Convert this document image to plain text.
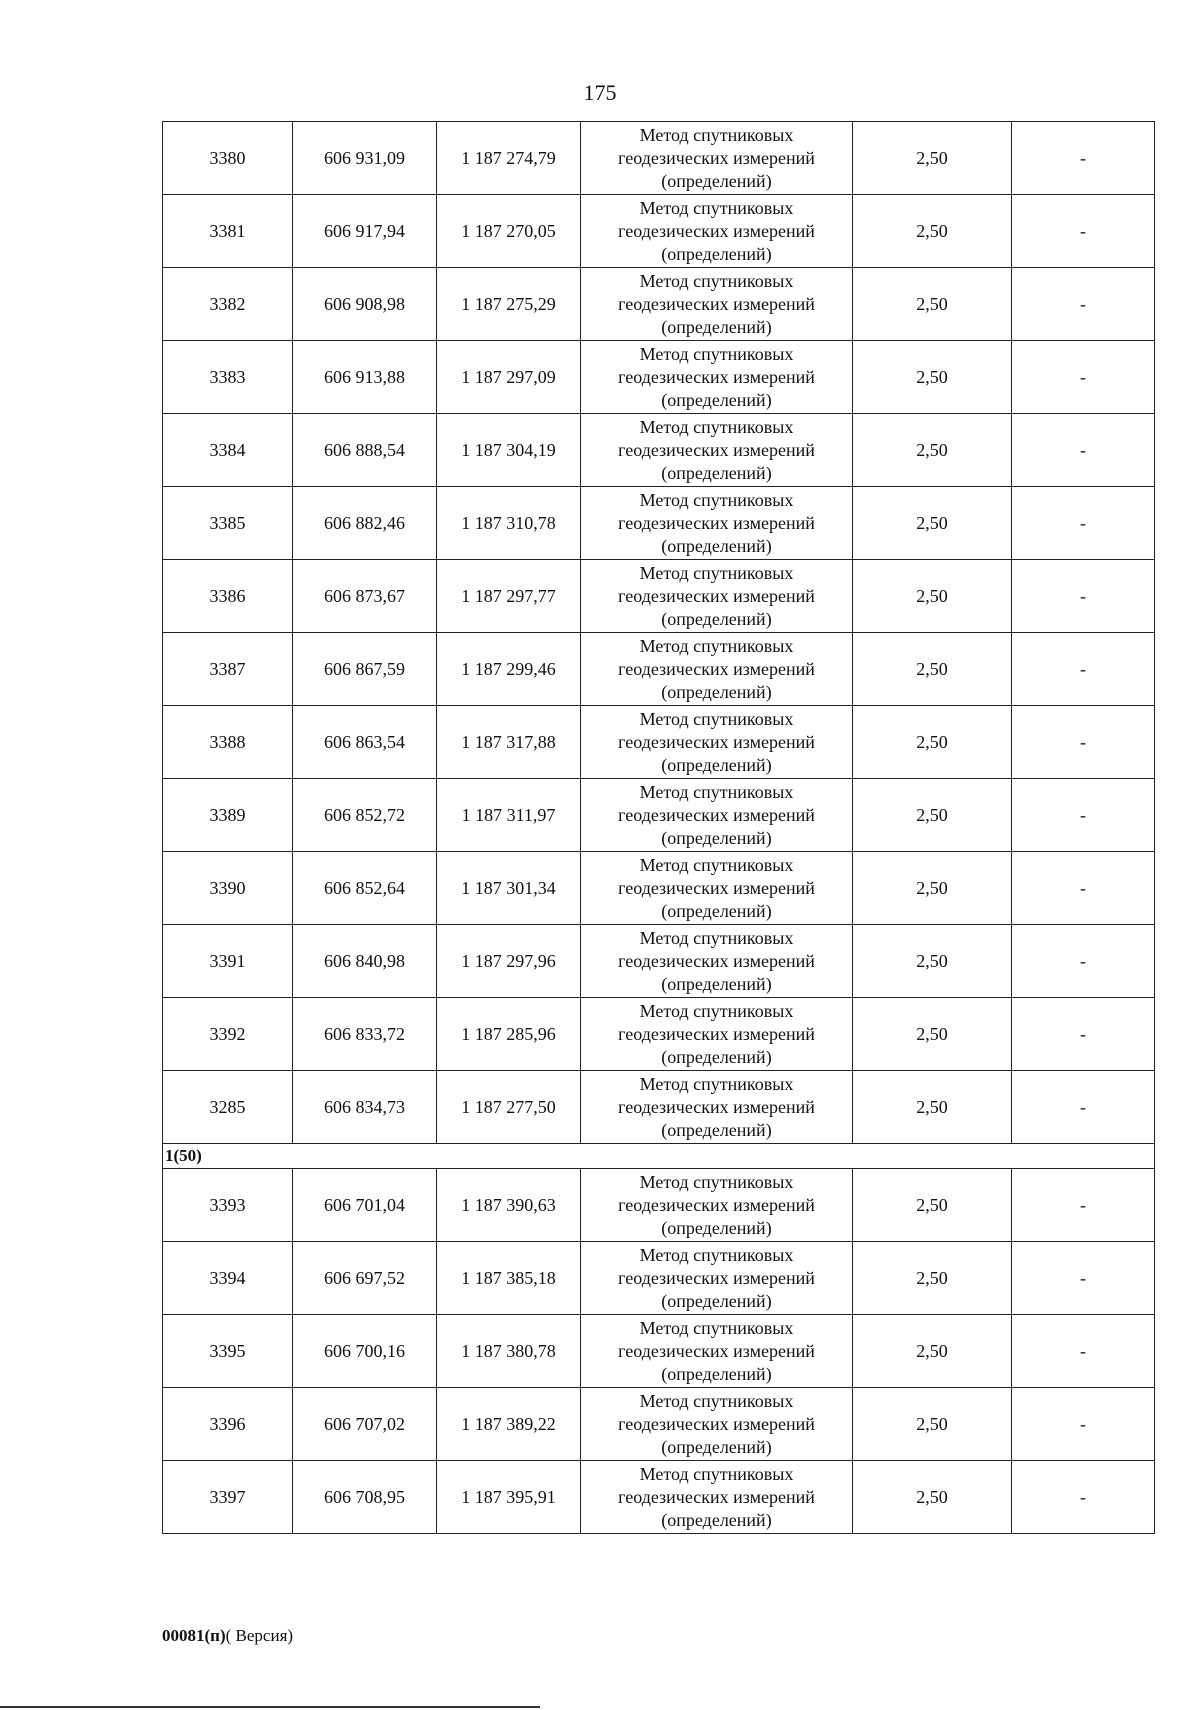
175
3380	606 931,09	1 187 274,79	Метод спутниковых
геодезических измерений
(определений)	2,50	-
3381	606 917,94	1 187 270,05	Метод спутниковых
геодезических измерений
(определений)	2,50	-
3382	606 908,98	1 187 275,29	Метод спутниковых
геодезических измерений
(определений)	2,50	-
3383	606 913,88	1 187 297,09	Метод спутниковых
геодезических измерений
(определений)	2,50	-
3384	606 888,54	1 187 304,19	Метод спутниковых
геодезических измерений
(определений)	2,50	-
3385	606 882,46	1 187 310,78	Метод спутниковых
геодезических измерений
(определений)	2,50	-
3386	606 873,67	1 187 297,77	Метод спутниковых
геодезических измерений
(определений)	2,50	-
3387	606 867,59	1 187 299,46	Метод спутниковых
геодезических измерений
(определений)	2,50	-
3388	606 863,54	1 187 317,88	Метод спутниковых
геодезических измерений
(определений)	2,50	-
3389	606 852,72	1 187 311,97	Метод спутниковых
геодезических измерений
(определений)	2,50	-
3390	606 852,64	1 187 301,34	Метод спутниковых
геодезических измерений
(определений)	2,50	-
3391	606 840,98	1 187 297,96	Метод спутниковых
геодезических измерений
(определений)	2,50	-
3392	606 833,72	1 187 285,96	Метод спутниковых
геодезических измерений
(определений)	2,50	-
3285	606 834,73	1 187 277,50	Метод спутниковых
геодезических измерений
(определений)	2,50	-
1(50)					
3393	606 701,04	1 187 390,63	Метод спутниковых
геодезических измерений
(определений)	2,50	-
3394	606 697,52	1 187 385,18	Метод спутниковых
геодезических измерений
(определений)	2,50	-
3395	606 700,16	1 187 380,78	Метод спутниковых
геодезических измерений
(определений)	2,50	-
3396	606 707,02	1 187 389,22	Метод спутниковых
геодезических измерений
(определений)	2,50	-
3397	606 708,95	1 187 395,91	Метод спутниковых
геодезических измерений
(определений)	2,50	-
00081(п)( Версия)
